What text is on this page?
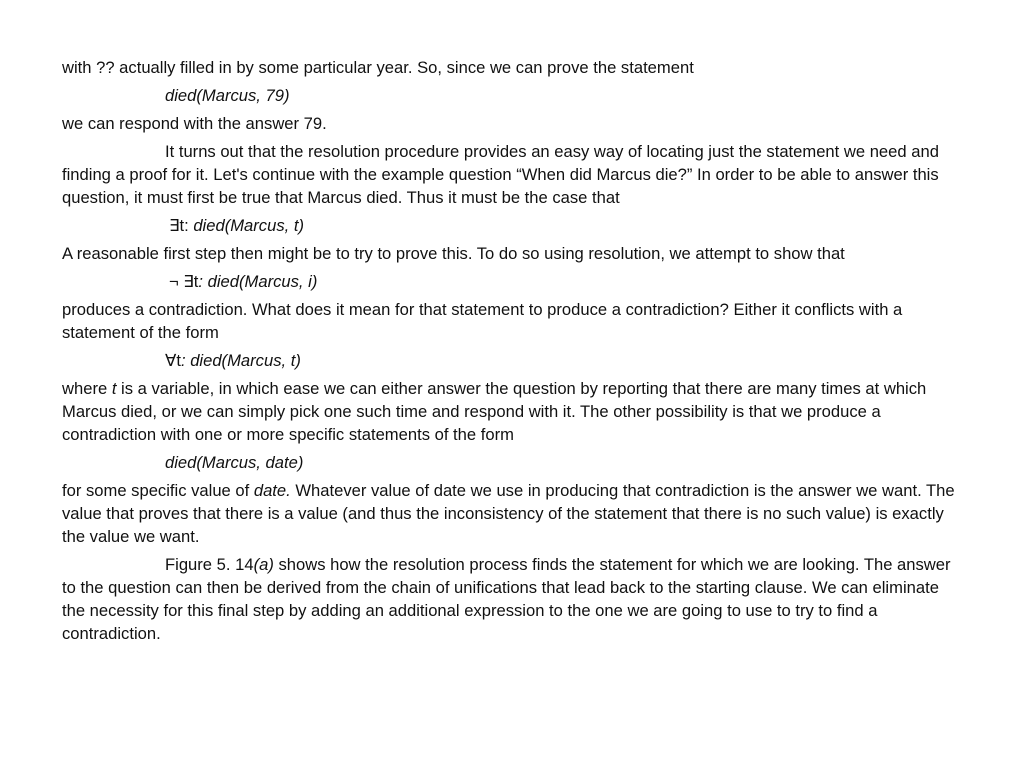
with ?? actually filled in by some particular year. So, since we can prove the statement

died(Marcus, 79)

we can respond with the answer 79.

It turns out that the resolution procedure provides an easy way of locating just the statement we need and finding a proof for it. Let's continue with the example question “When did Marcus die?” In order to be able to answer this question, it must first be true that Marcus died. Thus it must be the case that

∃t: died(Marcus, t)

A reasonable first step then might be to try to prove this. To do so using resolution, we attempt to show that

¬ ∃t: died(Marcus, i)

produces a contradiction. What does it mean for that statement to produce a contradiction? Either it conflicts with a statement of the form

∀t: died(Marcus, t)

where t is a variable, in which ease we can either answer the question by reporting that there are many times at which Marcus died, or we can simply pick one such time and respond with it. The other possibility is that we produce a contradiction with one or more specific statements of the form

died(Marcus, date)

for some specific value of date. Whatever value of date we use in producing that contradiction is the answer we want. The value that proves that there is a value (and thus the inconsistency of the statement that there is no such value) is exactly the value we want.

Figure 5. 14(a) shows how the resolution process finds the statement for which we are looking. The answer to the question can then be derived from the chain of unifications that lead back to the starting clause. We can eliminate the necessity for this final step by adding an additional expression to the one we are going to use to try to find a contradiction.
